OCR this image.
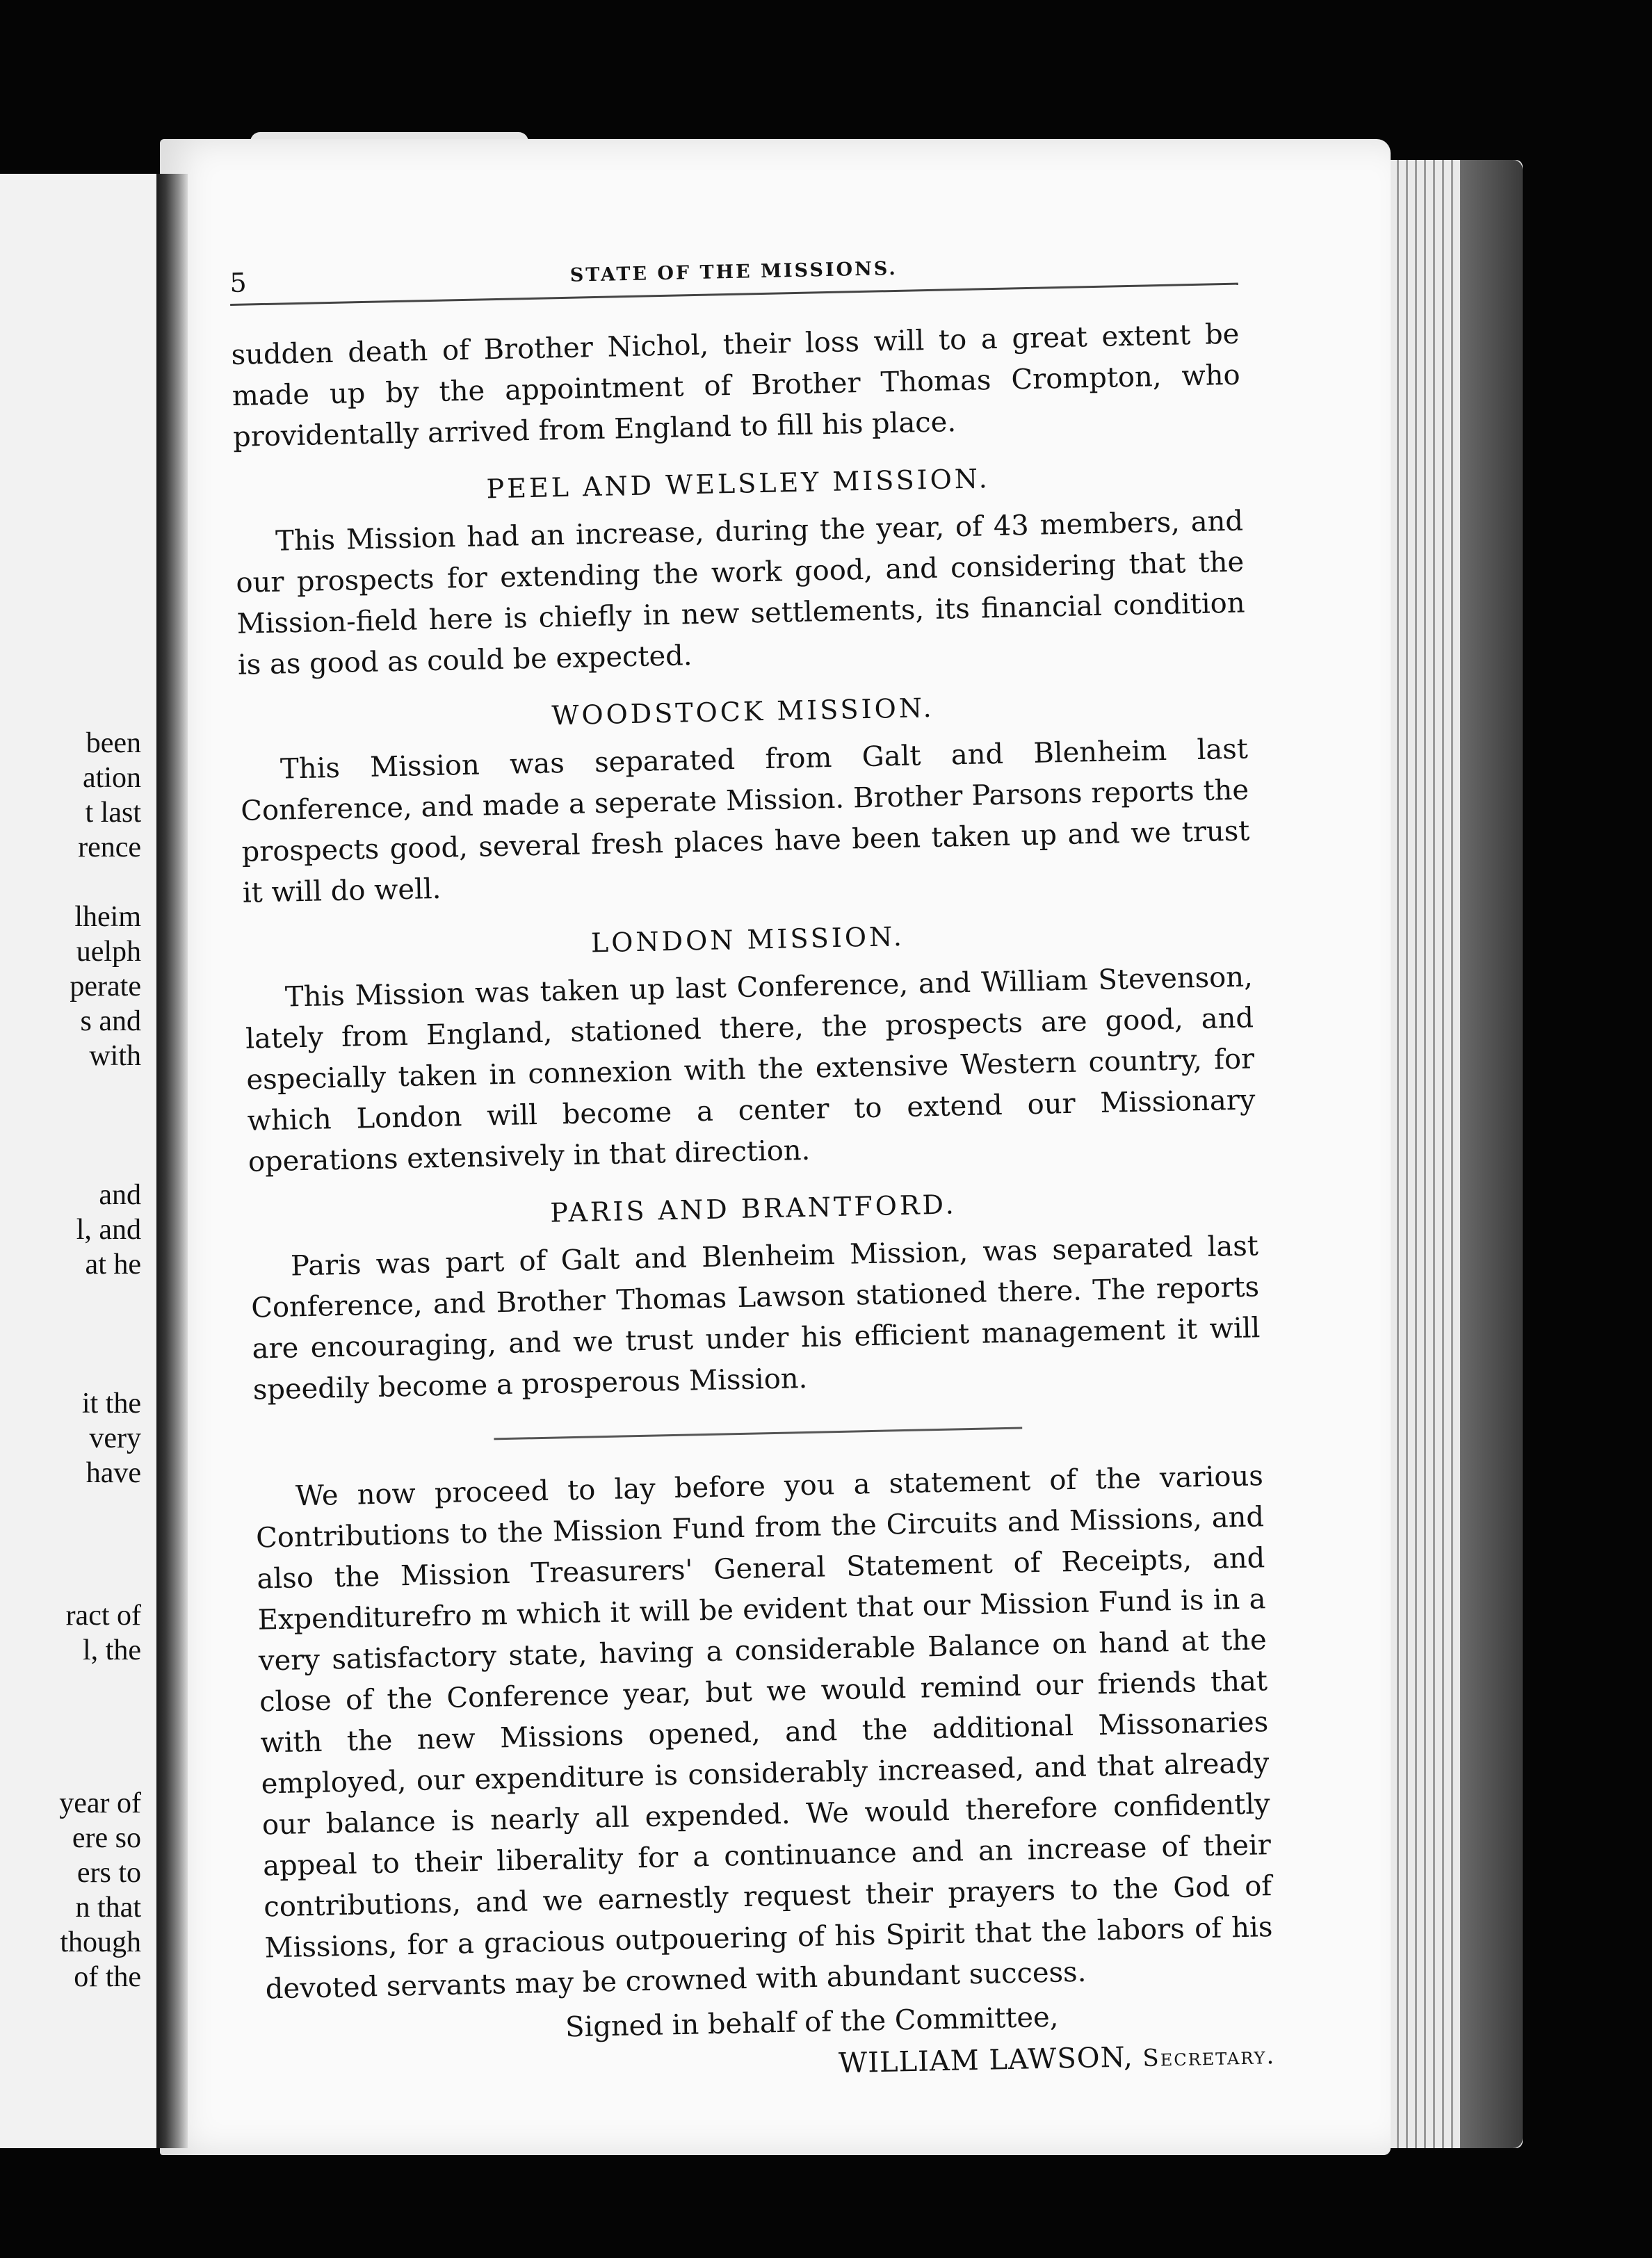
been
ation
t last
rence
lheim
uelph
perate
s and
with
and
l, and
at he
it the
very
have
ract of
l, the
year of
ere so
ers to
n that
though
of the
5	STATE OF THE MISSIONS.

sudden death of Brother Nichol, their loss will to a great extent be made up by the appointment of Brother Thomas Crompton, who providentally arrived from England to fill his place.

PEEL AND WELSLEY MISSION.

This Mission had an increase, during the year, of 43 members, and our prospects for extending the work good, and considering that the Mission-field here is chiefly in new settlements, its financial condition is as good as could be expected.

WOODSTOCK MISSION.

This Mission was separated from Galt and Blenheim last Conference, and made a seperate Mission. Brother Parsons reports the prospects good, several fresh places have been taken up and we trust it will do well.

LONDON MISSION.

This Mission was taken up last Conference, and William Stevenson, lately from England, stationed there, the prospects are good, and especially taken in connexion with the extensive Western country, for which London will become a center to extend our Missionary operations extensively in that direction.

PARIS AND BRANTFORD.

Paris was part of Galt and Blenheim Mission, was separated last Conference, and Brother Thomas Lawson stationed there. The reports are encouraging, and we trust under his efficient management it will speedily become a prosperous Mission.

We now proceed to lay before you a statement of the various Contributions to the Mission Fund from the Circuits and Missions, and also the Mission Treasurers' General Statement of Receipts, and Expenditurefro m which it will be evident that our Mission Fund is in a very satisfactory state, having a considerable Balance on hand at the close of the Conference year, but we would remind our friends that with the new Missions opened, and the additional Missonaries employed, our expenditure is considerably increased, and that already our balance is nearly all expended. We would therefore confidently appeal to their liberality for a continuance and an increase of their contributions, and we earnestly request their prayers to the God of Missions, for a gracious outpouering of his Spirit that the labors of his devoted servants may be crowned with abundant success.

Signed in behalf of the Committee,
WILLIAM LAWSON, Secretary.
